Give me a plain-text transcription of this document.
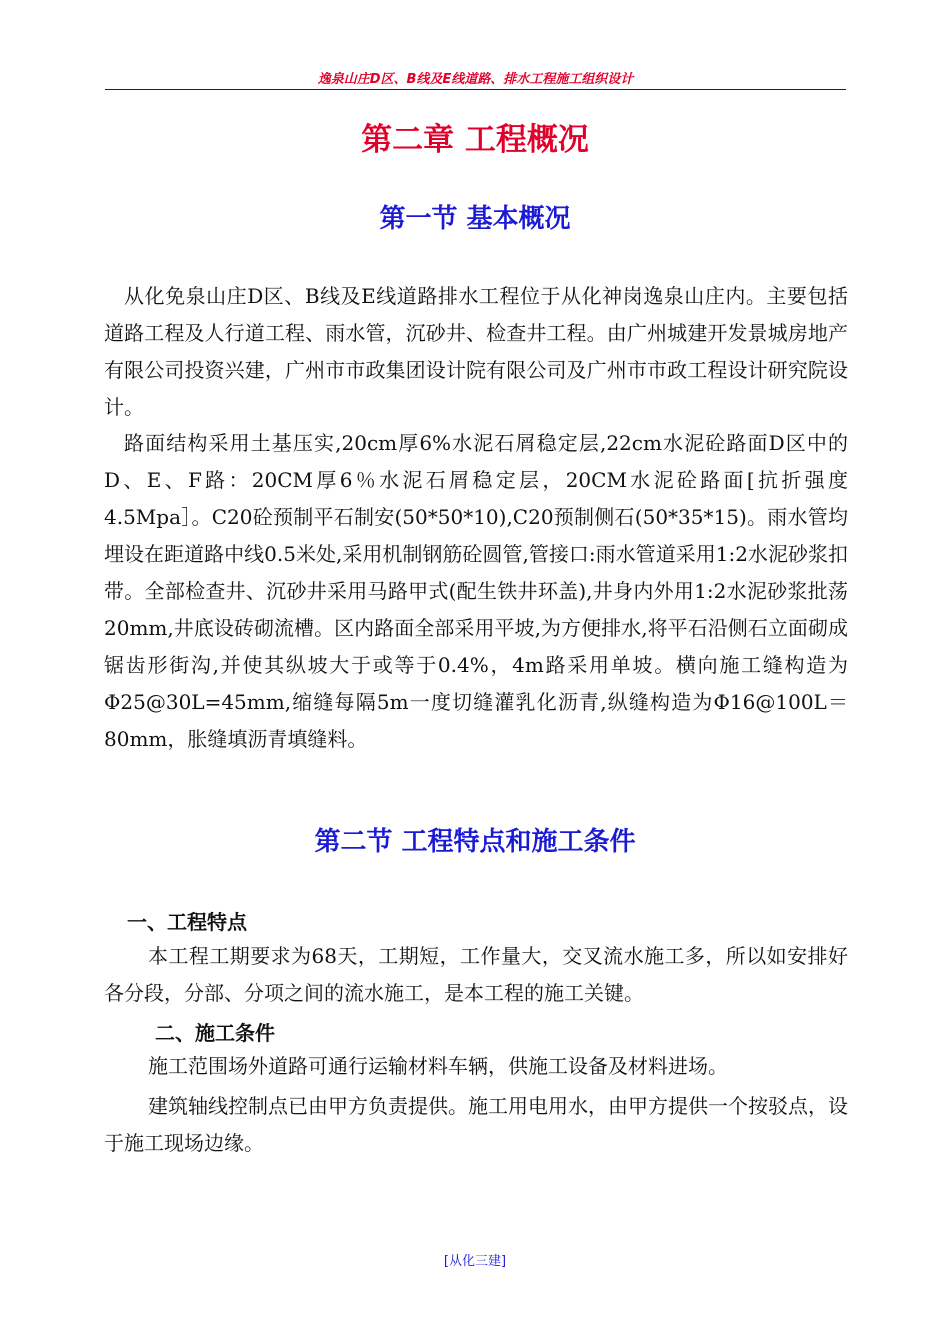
逸泉山庄D区、B线及E线道路、排水工程施工组织设计
第二章 工程概况
第一节 基本概况

从化免泉山庄D区、B线及E线道路排水工程位于从化神岗逸泉山庄内。主要包括道路工程及人行道工程、雨水管，沉砂井、检查井工程。由广州城建开发景城房地产有限公司投资兴建，广州市市政集团设计院有限公司及广州市市政工程设计研究院设计。

路面结构采用土基压实,20cm厚6%水泥石屑稳定层,22cm水泥砼路面D区中的D、E、F路：20CM厚6％水泥石屑稳定层，20CM水泥砼路面[抗折强度4.5Mpa］。C20砼预制平石制安(50*50*10),C20预制侧石(50*35*15)。雨水管均埋设在距道路中线0.5米处,采用机制钢筋砼圆管,管接口:雨水管道采用1:2水泥砂浆扣带。全部检查井、沉砂井采用马路甲式(配生铁井环盖),井身内外用1:2水泥砂浆批荡20mm,井底设砖砌流槽。区内路面全部采用平坡,为方便排水,将平石沿侧石立面砌成锯齿形街沟,并使其纵坡大于或等于0.4%，4m路采用单坡。横向施工缝构造为Φ25@30L=45mm,缩缝每隔5m一度切缝灌乳化沥青,纵缝构造为Φ16@100L＝80mm，胀缝填沥青填缝料。

第二节 工程特点和施工条件
一、工程特点

本工程工期要求为68天，工期短，工作量大，交叉流水施工多，所以如安排好各分段，分部、分项之间的流水施工，是本工程的施工关键。

二、施工条件

施工范围场外道路可通行运输材料车辆，供施工设备及材料进场。

建筑轴线控制点已由甲方负责提供。施工用电用水，由甲方提供一个按驳点，设于施工现场边缘。

[从化三建]
